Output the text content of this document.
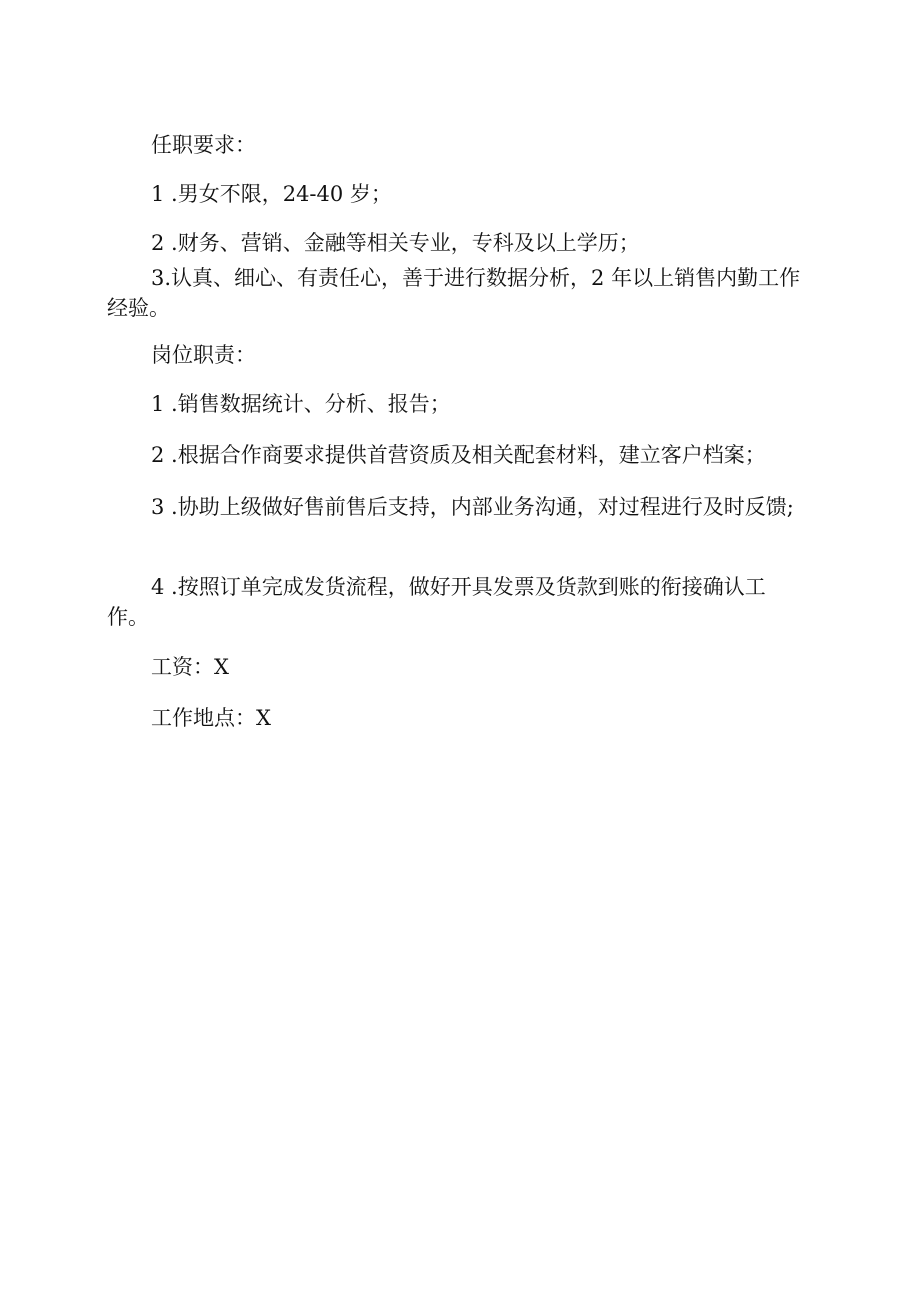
任职要求：
1 .男女不限，24-40 岁；
2 .财务、营销、金融等相关专业，专科及以上学历；
3.认真、细心、有责任心，善于进行数据分析，2 年以上销售内勤工作经验。
岗位职责：
1 .销售数据统计、分析、报告；
2 .根据合作商要求提供首营资质及相关配套材料，建立客户档案；
3 .协助上级做好售前售后支持，内部业务沟通，对过程进行及时反馈;
4 .按照订单完成发货流程，做好开具发票及货款到账的衔接确认工作。
工资：X
工作地点：X
